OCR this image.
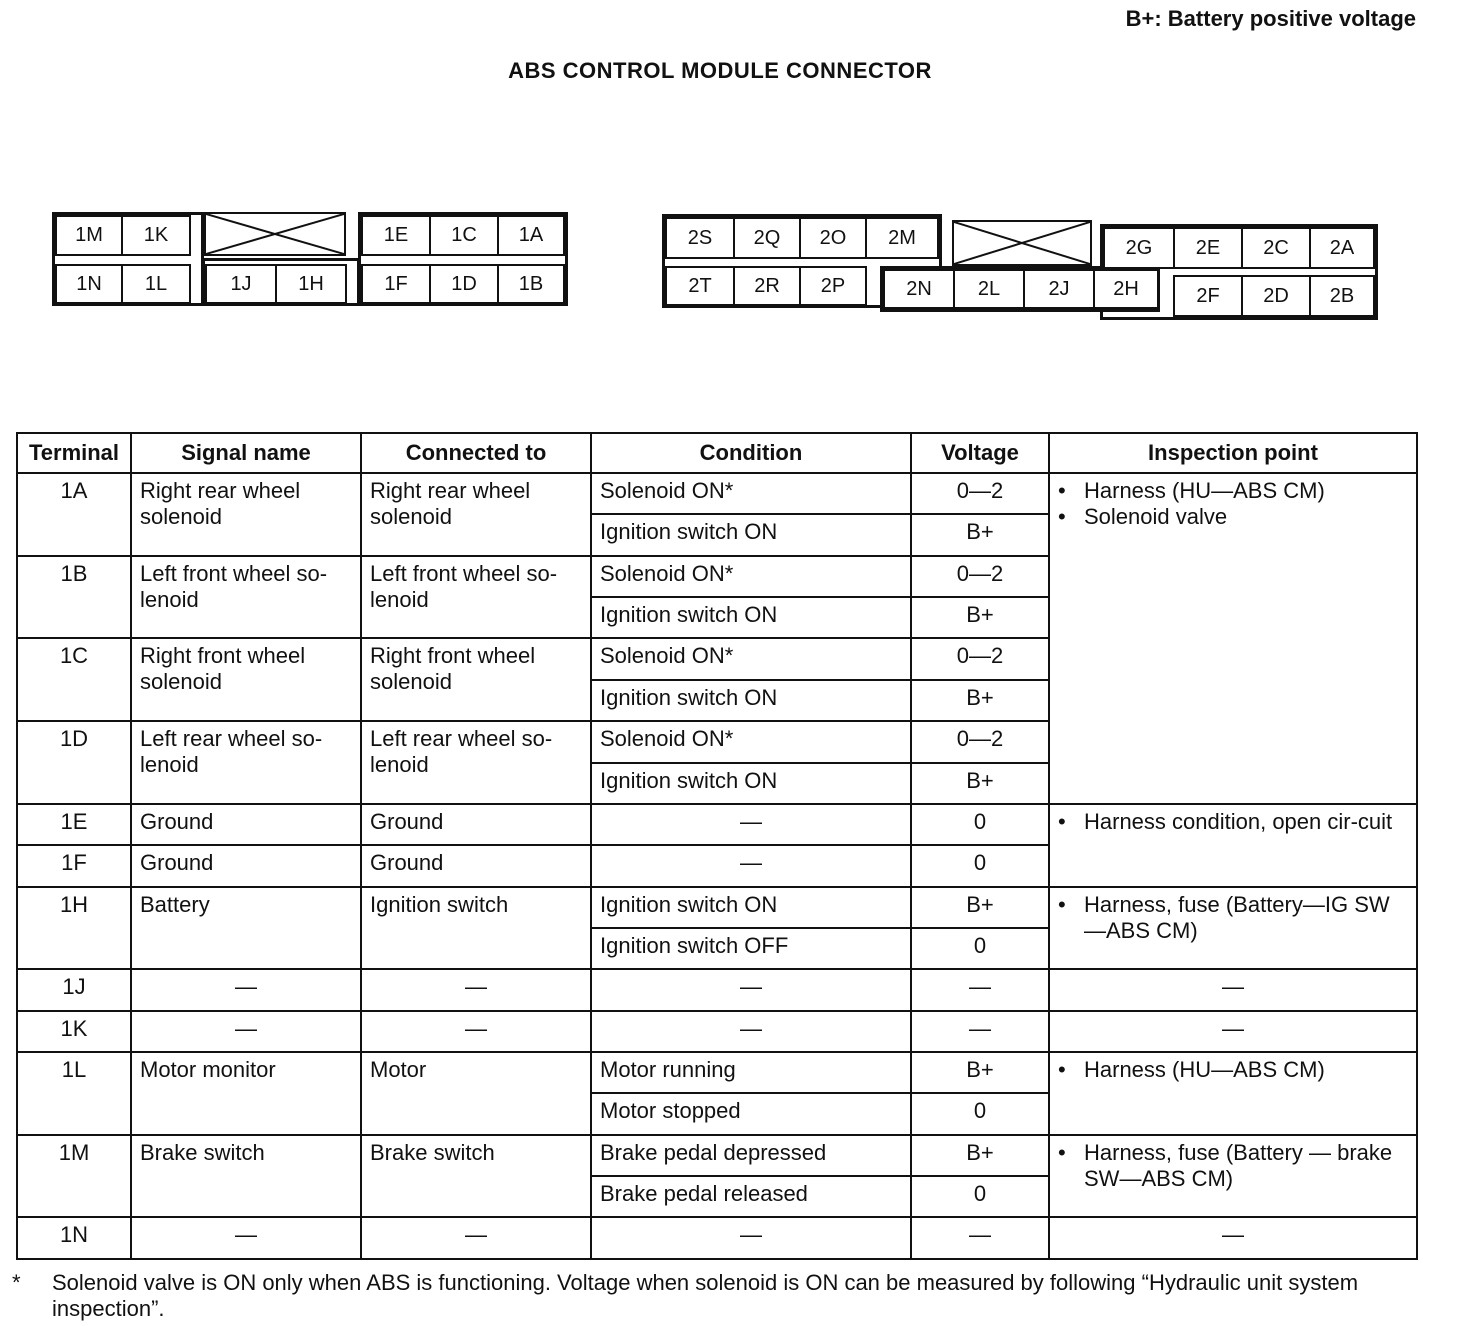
B+: Battery positive voltage
ABS CONTROL MODULE CONNECTOR
1M	1K	1E	1C	1A
1N	1L	1J	1H	1F	1D	1B
2S	2Q	2O	2M	2G	2E	2C	2A
2T	2R	2P	2N	2L	2J	2H	2F	2D	2B
Terminal	Signal name	Connected to	Condition	Voltage	Inspection point
1A	Right rear wheel solenoid	Right rear wheel solenoid	Solenoid ON*	0—2	• Harness (HU—ABS CM)
• Solenoid valve

			Ignition switch ON	B+	
1B	Left front wheel so-lenoid	Left front wheel so-lenoid	Solenoid ON*	0—2	
			Ignition switch ON	B+	
1C	Right front wheel solenoid	Right front wheel solenoid	Solenoid ON*	0—2	
			Ignition switch ON	B+	
1D	Left rear wheel so-lenoid	Left rear wheel so-lenoid	Solenoid ON*	0—2	
			Ignition switch ON	B+	
1E	Ground	Ground	—	0	• Harness condition, open cir-cuit

1F	Ground	Ground	—	0	
1H	Battery	Ignition switch	Ignition switch ON	B+	• Harness, fuse (Battery—IG SW—ABS CM)

			Ignition switch OFF	0	
1J	—	—	—	—	—
1K	—	—	—	—	—
1L	Motor monitor	Motor	Motor running	B+	• Harness (HU—ABS CM)

			Motor stopped	0	
1M	Brake switch	Brake switch	Brake pedal depressed	B+	• Harness, fuse (Battery — brake SW—ABS CM)

			Brake pedal released	0	
1N	—	—	—	—	—
*	Solenoid valve is ON only when ABS is functioning. Voltage when solenoid is ON can be measured by following “Hydraulic unit system inspection”.
